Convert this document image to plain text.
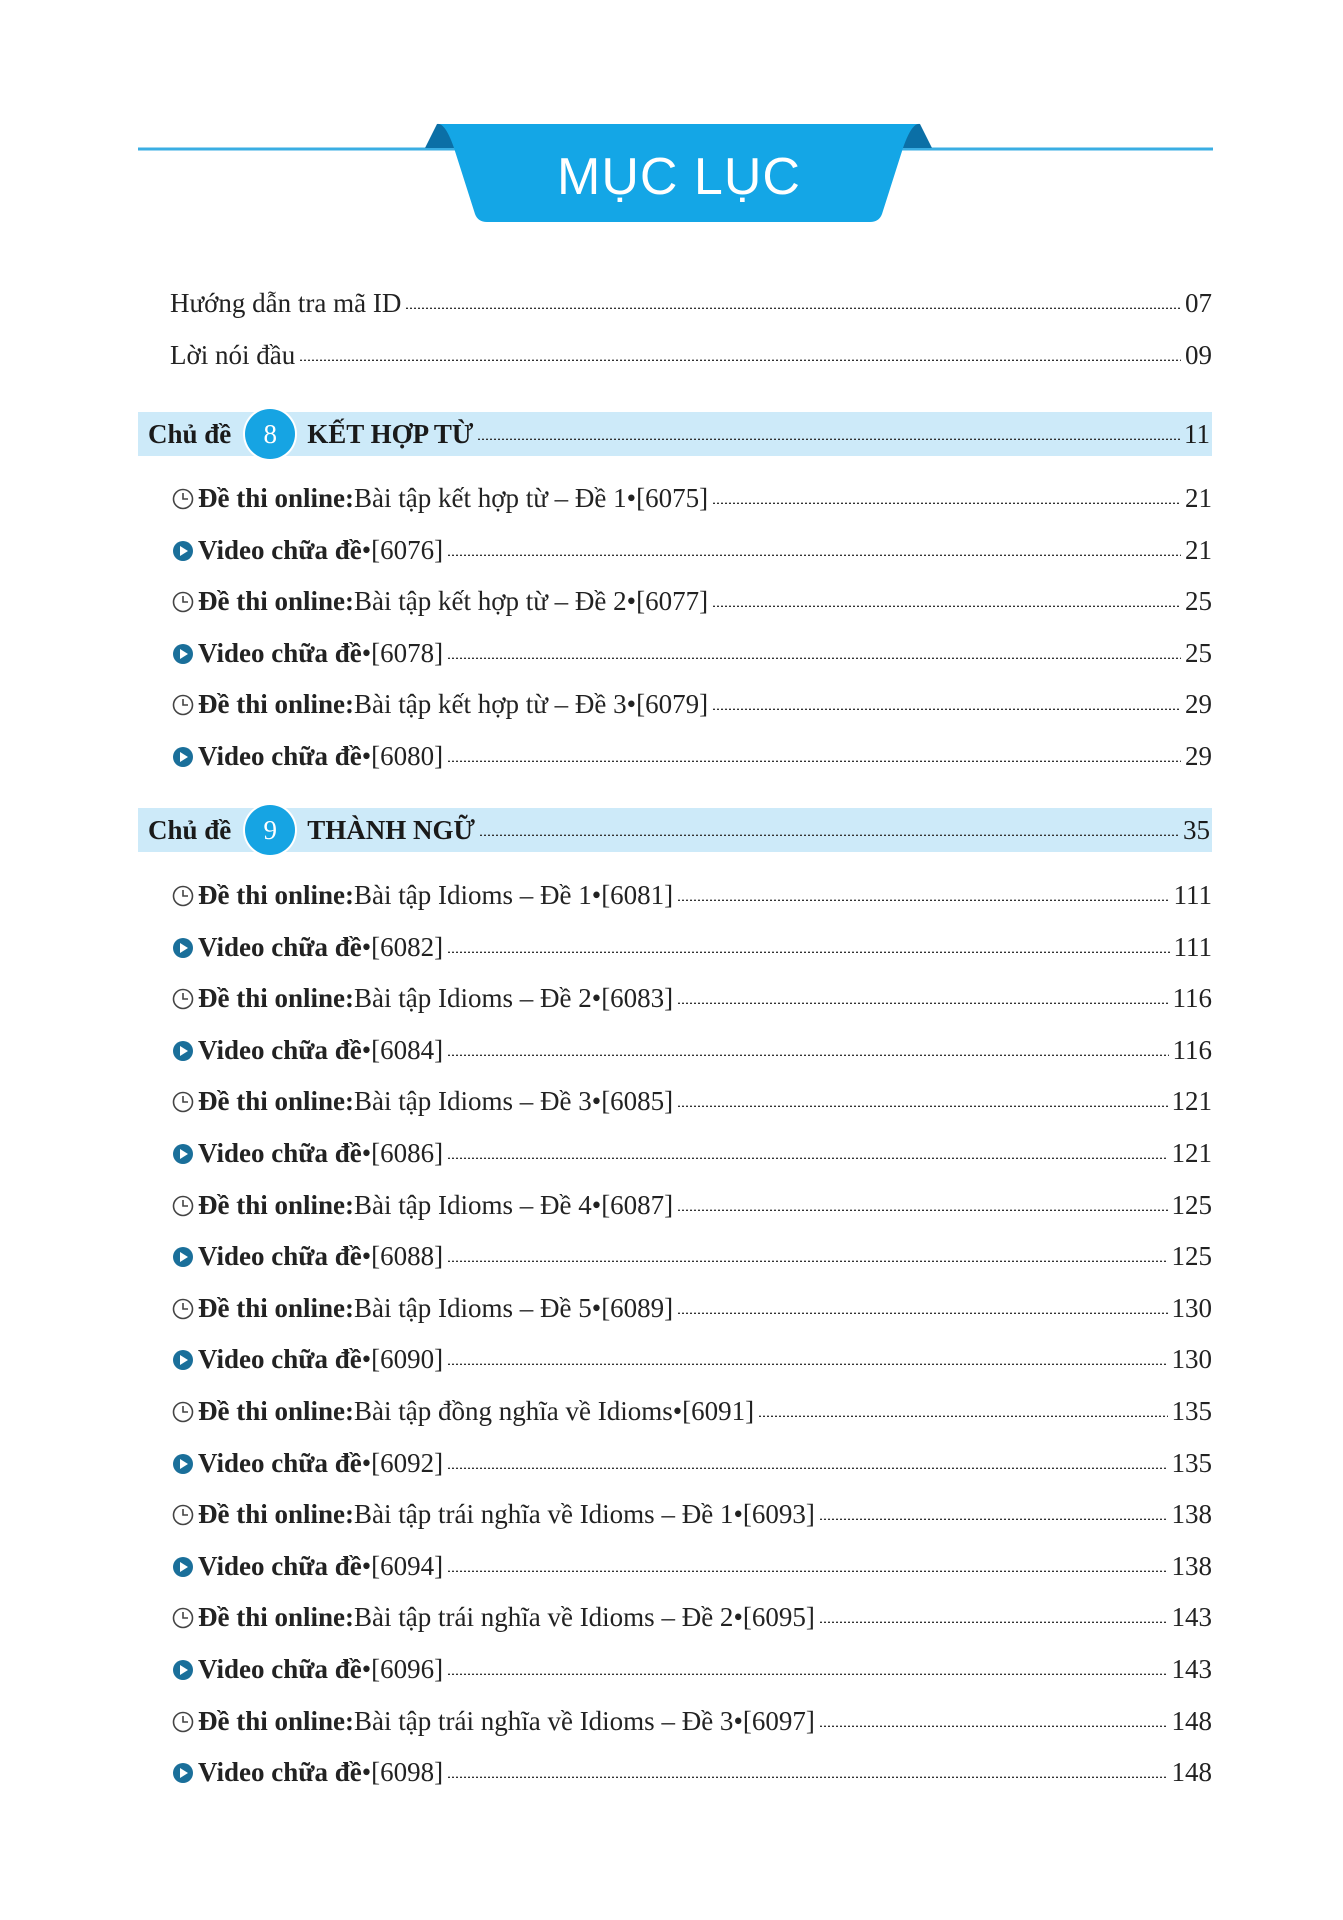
MỤC LỤC
Hướng dẫn tra mã ID	07
Lời nói đầu	09
Chủ đề	8	KẾT HỢP TỪ	11
Đề thi online: Bài tập kết hợp từ – Đề 1 • [6075]	21
Video chữa đề • [6076]	21
Đề thi online: Bài tập kết hợp từ – Đề 2 • [6077]	25
Video chữa đề • [6078]	25
Đề thi online: Bài tập kết hợp từ – Đề 3 • [6079]	29
Video chữa đề • [6080]	29
Chủ đề	9	THÀNH NGỮ	35
Đề thi online: Bài tập Idioms – Đề 1 • [6081]	111
Video chữa đề • [6082]	111
Đề thi online: Bài tập Idioms – Đề 2 • [6083]	116
Video chữa đề • [6084]	116
Đề thi online: Bài tập Idioms – Đề 3 • [6085]	121
Video chữa đề • [6086]	121
Đề thi online: Bài tập Idioms – Đề 4 • [6087]	125
Video chữa đề • [6088]	125
Đề thi online: Bài tập Idioms – Đề 5 • [6089]	130
Video chữa đề • [6090]	130
Đề thi online: Bài tập đồng nghĩa về Idioms • [6091]	135
Video chữa đề • [6092]	135
Đề thi online: Bài tập trái nghĩa về Idioms – Đề 1 • [6093]	138
Video chữa đề • [6094]	138
Đề thi online: Bài tập trái nghĩa về Idioms – Đề 2 • [6095]	143
Video chữa đề • [6096]	143
Đề thi online: Bài tập trái nghĩa về Idioms – Đề 3 • [6097]	148
Video chữa đề • [6098]	148
